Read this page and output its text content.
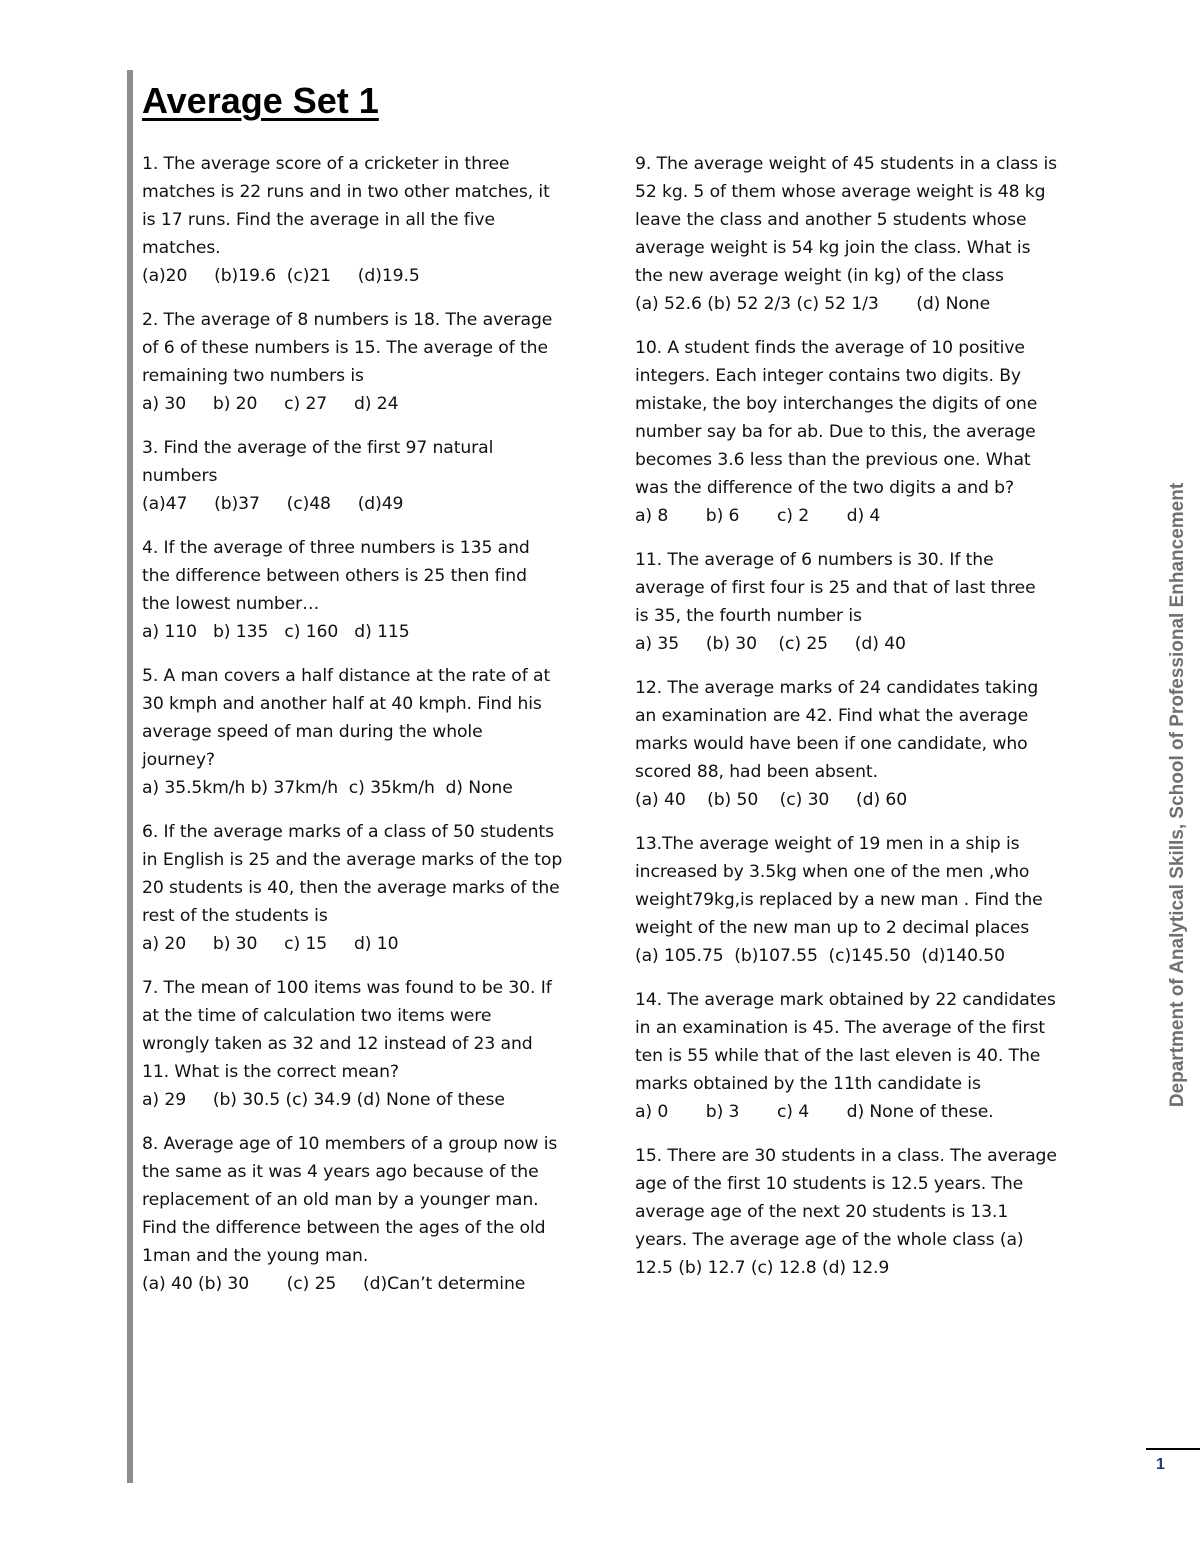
Average Set 1
1. The average score of a cricketer in three
matches is 22 runs and in two other matches, it
is 17 runs. Find the average in all the five
matches.
(a)20     (b)19.6  (c)21     (d)19.5
2. The average of 8 numbers is 18. The average
of 6 of these numbers is 15. The average of the
remaining two numbers is
a) 30     b) 20     c) 27     d) 24
3. Find the average of the first 97 natural
numbers
(a)47     (b)37     (c)48     (d)49
4. If the average of three numbers is 135 and
the difference between others is 25 then find
the lowest number…
a) 110   b) 135   c) 160   d) 115
5. A man covers a half distance at the rate of at
30 kmph and another half at 40 kmph. Find his
average speed of man during the whole
journey?
a) 35.5km/h b) 37km/h  c) 35km/h  d) None
6. If the average marks of a class of 50 students
in English is 25 and the average marks of the top
20 students is 40, then the average marks of the
rest of the students is
a) 20     b) 30     c) 15     d) 10
7. The mean of 100 items was found to be 30. If
at the time of calculation two items were
wrongly taken as 32 and 12 instead of 23 and
11. What is the correct mean?
a) 29     (b) 30.5 (c) 34.9 (d) None of these
8. Average age of 10 members of a group now is
the same as it was 4 years ago because of the
replacement of an old man by a younger man.
Find the difference between the ages of the old
1man and the young man.
(a) 40 (b) 30       (c) 25     (d)Can’t determine
9. The average weight of 45 students in a class is
52 kg. 5 of them whose average weight is 48 kg
leave the class and another 5 students whose
average weight is 54 kg join the class. What is
the new average weight (in kg) of the class
(a) 52.6 (b) 52 2/3 (c) 52 1/3       (d) None
10. A student finds the average of 10 positive
integers. Each integer contains two digits. By
mistake, the boy interchanges the digits of one
number say ba for ab. Due to this, the average
becomes 3.6 less than the previous one. What
was the difference of the two digits a and b?
a) 8       b) 6       c) 2       d) 4
11. The average of 6 numbers is 30. If the
average of first four is 25 and that of last three
is 35, the fourth number is
a) 35     (b) 30    (c) 25     (d) 40
12. The average marks of 24 candidates taking
an examination are 42. Find what the average
marks would have been if one candidate, who
scored 88, had been absent.
(a) 40    (b) 50    (c) 30     (d) 60
13.The average weight of 19 men in a ship is
increased by 3.5kg when one of the men ,who
weight79kg,is replaced by a new man . Find the
weight of the new man up to 2 decimal places
(a) 105.75  (b)107.55  (c)145.50  (d)140.50
14. The average mark obtained by 22 candidates
in an examination is 45. The average of the first
ten is 55 while that of the last eleven is 40. The
marks obtained by the 11th candidate is
a) 0       b) 3       c) 4       d) None of these.
15. There are 30 students in a class. The average
age of the first 10 students is 12.5 years. The
average age of the next 20 students is 13.1
years. The average age of the whole class (a)
12.5 (b) 12.7 (c) 12.8 (d) 12.9
Department of Analytical Skills, School of Professional Enhancement
1
